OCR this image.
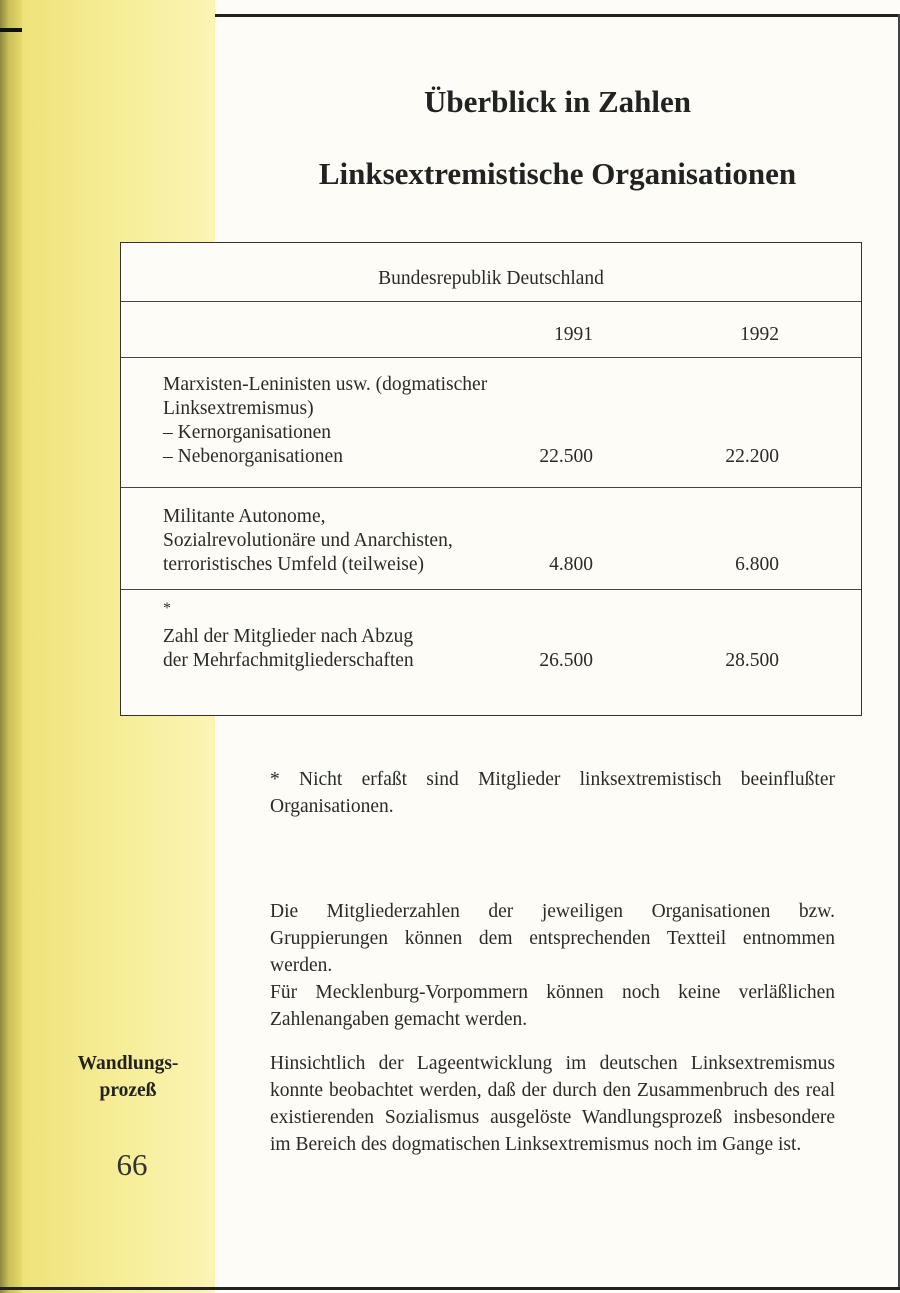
Überblick in Zahlen
Linksextremistische Organisationen
Bundesrepublik Deutschland
1991	1992
Marxisten-Leninisten usw. (dogmatischer
Linksextremismus)
– Kernorganisationen
– Nebenorganisationen	22.500	22.200
Militante Autonome,
Sozialrevolutionäre und Anarchisten,
terroristisches Umfeld (teilweise)	4.800	6.800
*
Zahl der Mitglieder nach Abzug
der Mehrfachmitgliederschaften	26.500	28.500
* Nicht erfaßt sind Mitglieder linksextremistisch beeinflußter Organisationen.
Die Mitgliederzahlen der jeweiligen Organisationen bzw. Gruppierungen können dem entsprechenden Textteil entnommen werden.
Für Mecklenburg-Vorpommern können noch keine verläßlichen Zahlenangaben gemacht werden.
Wandlungs-
prozeß
Hinsichtlich der Lageentwicklung im deutschen Linksextremismus konnte beobachtet werden, daß der durch den Zusammenbruch des real existierenden Sozialismus ausgelöste Wandlungsprozeß insbesondere im Bereich des dogmatischen Linksextremismus noch im Gange ist.
66
